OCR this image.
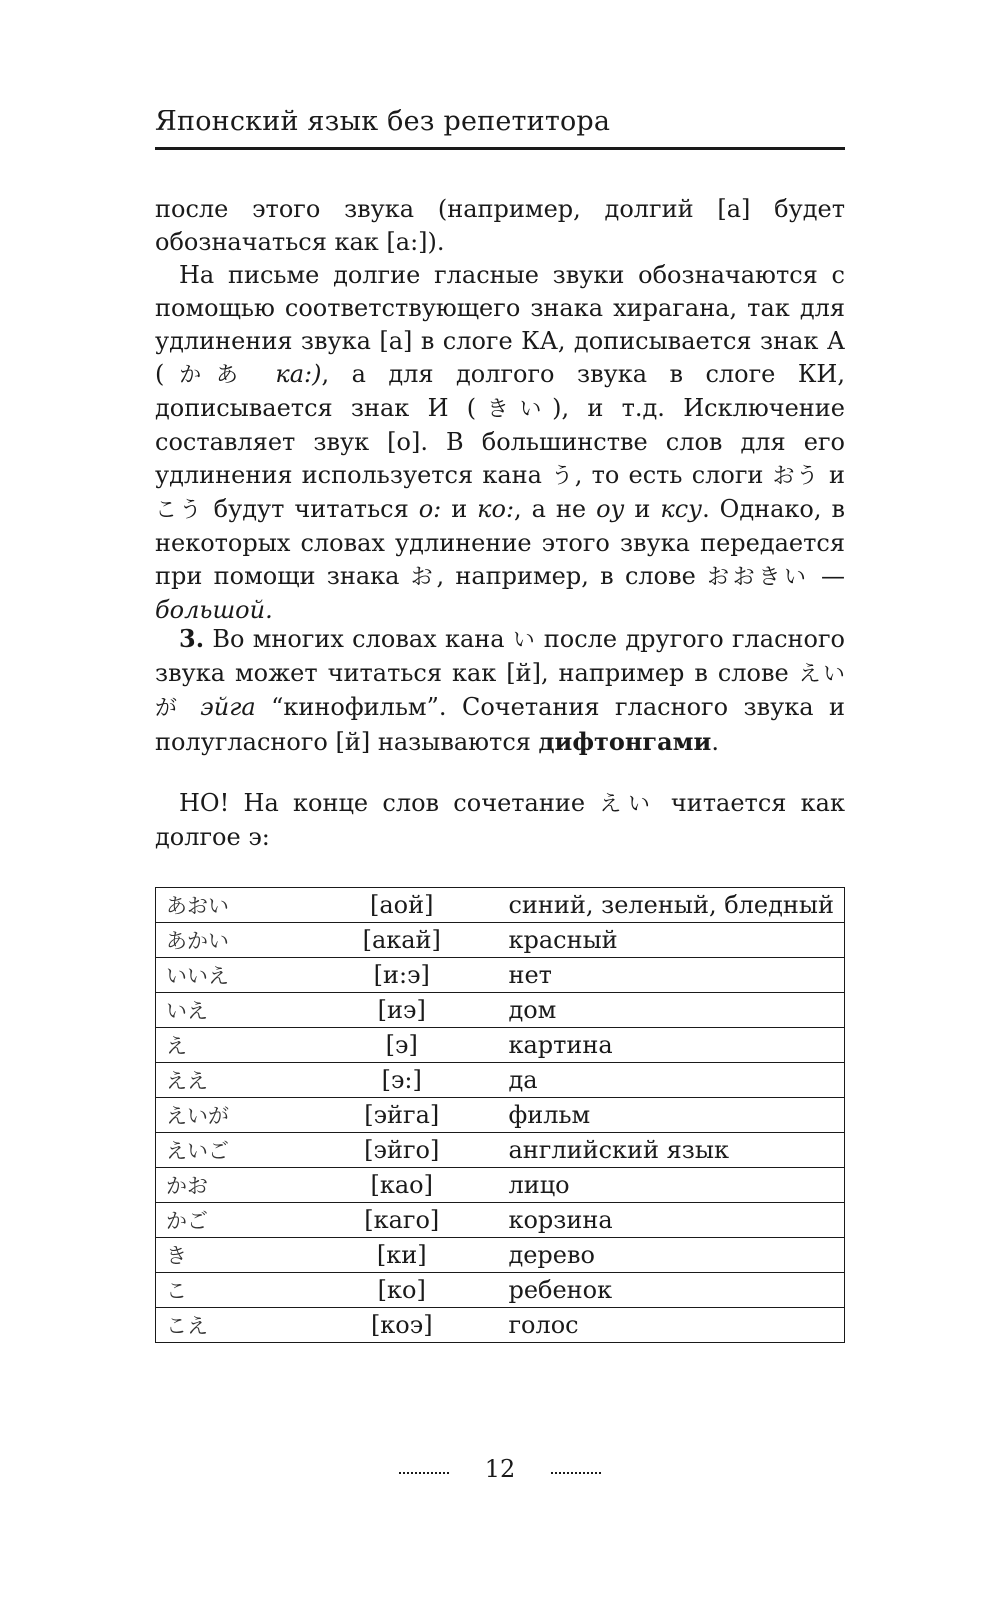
Японский язык без репетитора

после этого звука (например, долгий [а] будет обозначаться как [а:]).

На письме долгие гласные звуки обозначаются с помощью соответствующего знака хирагана, так для удлинения звука [а] в слоге КА, дописывается знак А (かあ ка:), а для долгого звука в слоге КИ, дописывается знак И (きい), и т.д. Исключение составляет звук [о]. В большинстве слов для его удлинения используется кана う, то есть слоги おう и こう будут читаться о: и ко:, а не оу и ксу. Однако, в некоторых словах удлинение этого звука передается при помощи знака お, например, в слове おおきい — большой.

3. Во многих словах кана い после другого гласного звука может читаться как [й], например в слове えいが эйга “кинофильм”. Сочетания гласного звука и полугласного [й] называются дифтонгами.

НО! На конце слов сочетание えい читается как долгое э:

あおい	[аой]	синий, зеленый, бледный
あかい	[акай]	красный
いいえ	[и:э]	нет
いえ	[иэ]	дом
え	[э]	картина
ええ	[э:]	да
えいが	[эйга]	фильм
えいご	[эйго]	английский язык
かお	[као]	лицо
かご	[каго]	корзина
き	[ки]	дерево
こ	[ко]	ребенок
こえ	[коэ]	голос
12
